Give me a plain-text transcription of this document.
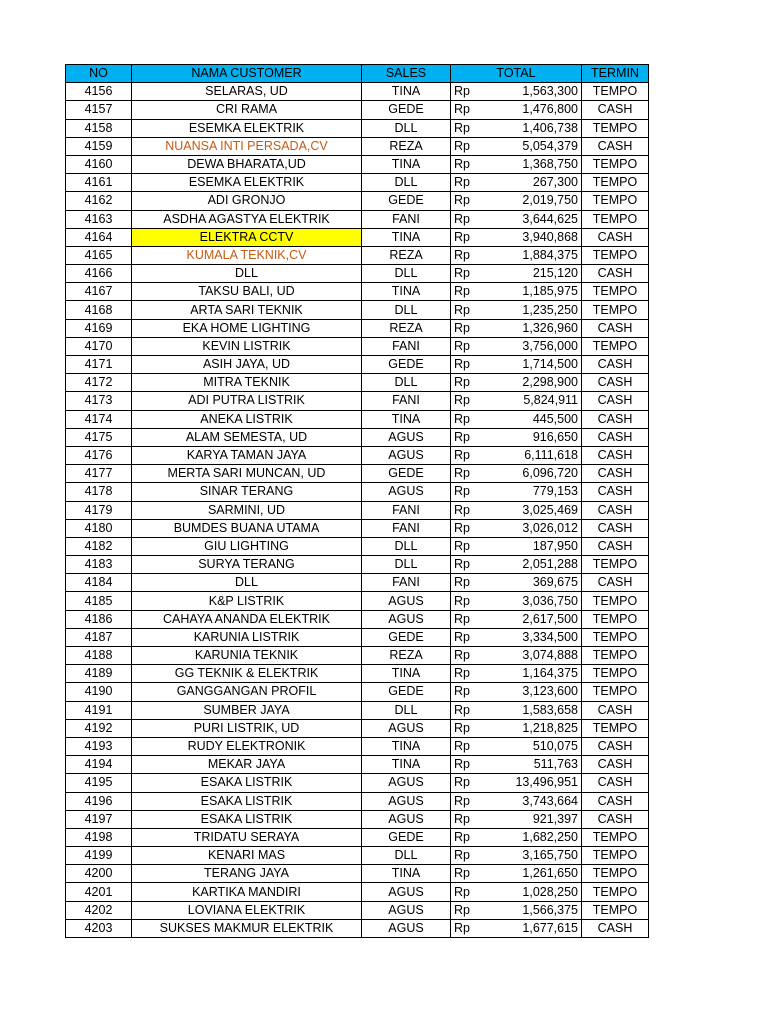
NO	NAMA CUSTOMER	SALES	TOTAL		TERMIN
4156	SELARAS, UD	TINA	Rp	1,563,300	TEMPO
4157	CRI RAMA	GEDE	Rp	1,476,800	CASH
4158	ESEMKA ELEKTRIK	DLL	Rp	1,406,738	TEMPO
4159	NUANSA INTI PERSADA,CV	REZA	Rp	5,054,379	CASH
4160	DEWA BHARATA,UD	TINA	Rp	1,368,750	TEMPO
4161	ESEMKA ELEKTRIK	DLL	Rp	267,300	TEMPO
4162	ADI GRONJO	GEDE	Rp	2,019,750	TEMPO
4163	ASDHA AGASTYA ELEKTRIK	FANI	Rp	3,644,625	TEMPO
4164	ELEKTRA CCTV	TINA	Rp	3,940,868	CASH
4165	KUMALA TEKNIK,CV	REZA	Rp	1,884,375	TEMPO
4166	DLL	DLL	Rp	215,120	CASH
4167	TAKSU BALI, UD	TINA	Rp	1,185,975	TEMPO
4168	ARTA SARI TEKNIK	DLL	Rp	1,235,250	TEMPO
4169	EKA HOME LIGHTING	REZA	Rp	1,326,960	CASH
4170	KEVIN LISTRIK	FANI	Rp	3,756,000	TEMPO
4171	ASIH JAYA, UD	GEDE	Rp	1,714,500	CASH
4172	MITRA TEKNIK	DLL	Rp	2,298,900	CASH
4173	ADI PUTRA LISTRIK	FANI	Rp	5,824,911	CASH
4174	ANEKA LISTRIK	TINA	Rp	445,500	CASH
4175	ALAM SEMESTA, UD	AGUS	Rp	916,650	CASH
4176	KARYA TAMAN JAYA	AGUS	Rp	6,111,618	CASH
4177	MERTA SARI MUNCAN, UD	GEDE	Rp	6,096,720	CASH
4178	SINAR TERANG	AGUS	Rp	779,153	CASH
4179	SARMINI, UD	FANI	Rp	3,025,469	CASH
4180	BUMDES BUANA UTAMA	FANI	Rp	3,026,012	CASH
4182	GIU LIGHTING	DLL	Rp	187,950	CASH
4183	SURYA TERANG	DLL	Rp	2,051,288	TEMPO
4184	DLL	FANI	Rp	369,675	CASH
4185	K&P LISTRIK	AGUS	Rp	3,036,750	TEMPO
4186	CAHAYA ANANDA ELEKTRIK	AGUS	Rp	2,617,500	TEMPO
4187	KARUNIA LISTRIK	GEDE	Rp	3,334,500	TEMPO
4188	KARUNIA TEKNIK	REZA	Rp	3,074,888	TEMPO
4189	GG TEKNIK & ELEKTRIK	TINA	Rp	1,164,375	TEMPO
4190	GANGGANGAN PROFIL	GEDE	Rp	3,123,600	TEMPO
4191	SUMBER JAYA	DLL	Rp	1,583,658	CASH
4192	PURI LISTRIK, UD	AGUS	Rp	1,218,825	TEMPO
4193	RUDY ELEKTRONIK	TINA	Rp	510,075	CASH
4194	MEKAR JAYA	TINA	Rp	511,763	CASH
4195	ESAKA LISTRIK	AGUS	Rp	13,496,951	CASH
4196	ESAKA LISTRIK	AGUS	Rp	3,743,664	CASH
4197	ESAKA LISTRIK	AGUS	Rp	921,397	CASH
4198	TRIDATU SERAYA	GEDE	Rp	1,682,250	TEMPO
4199	KENARI MAS	DLL	Rp	3,165,750	TEMPO
4200	TERANG JAYA	TINA	Rp	1,261,650	TEMPO
4201	KARTIKA MANDIRI	AGUS	Rp	1,028,250	TEMPO
4202	LOVIANA ELEKTRIK	AGUS	Rp	1,566,375	TEMPO
4203	SUKSES MAKMUR ELEKTRIK	AGUS	Rp	1,677,615	CASH
